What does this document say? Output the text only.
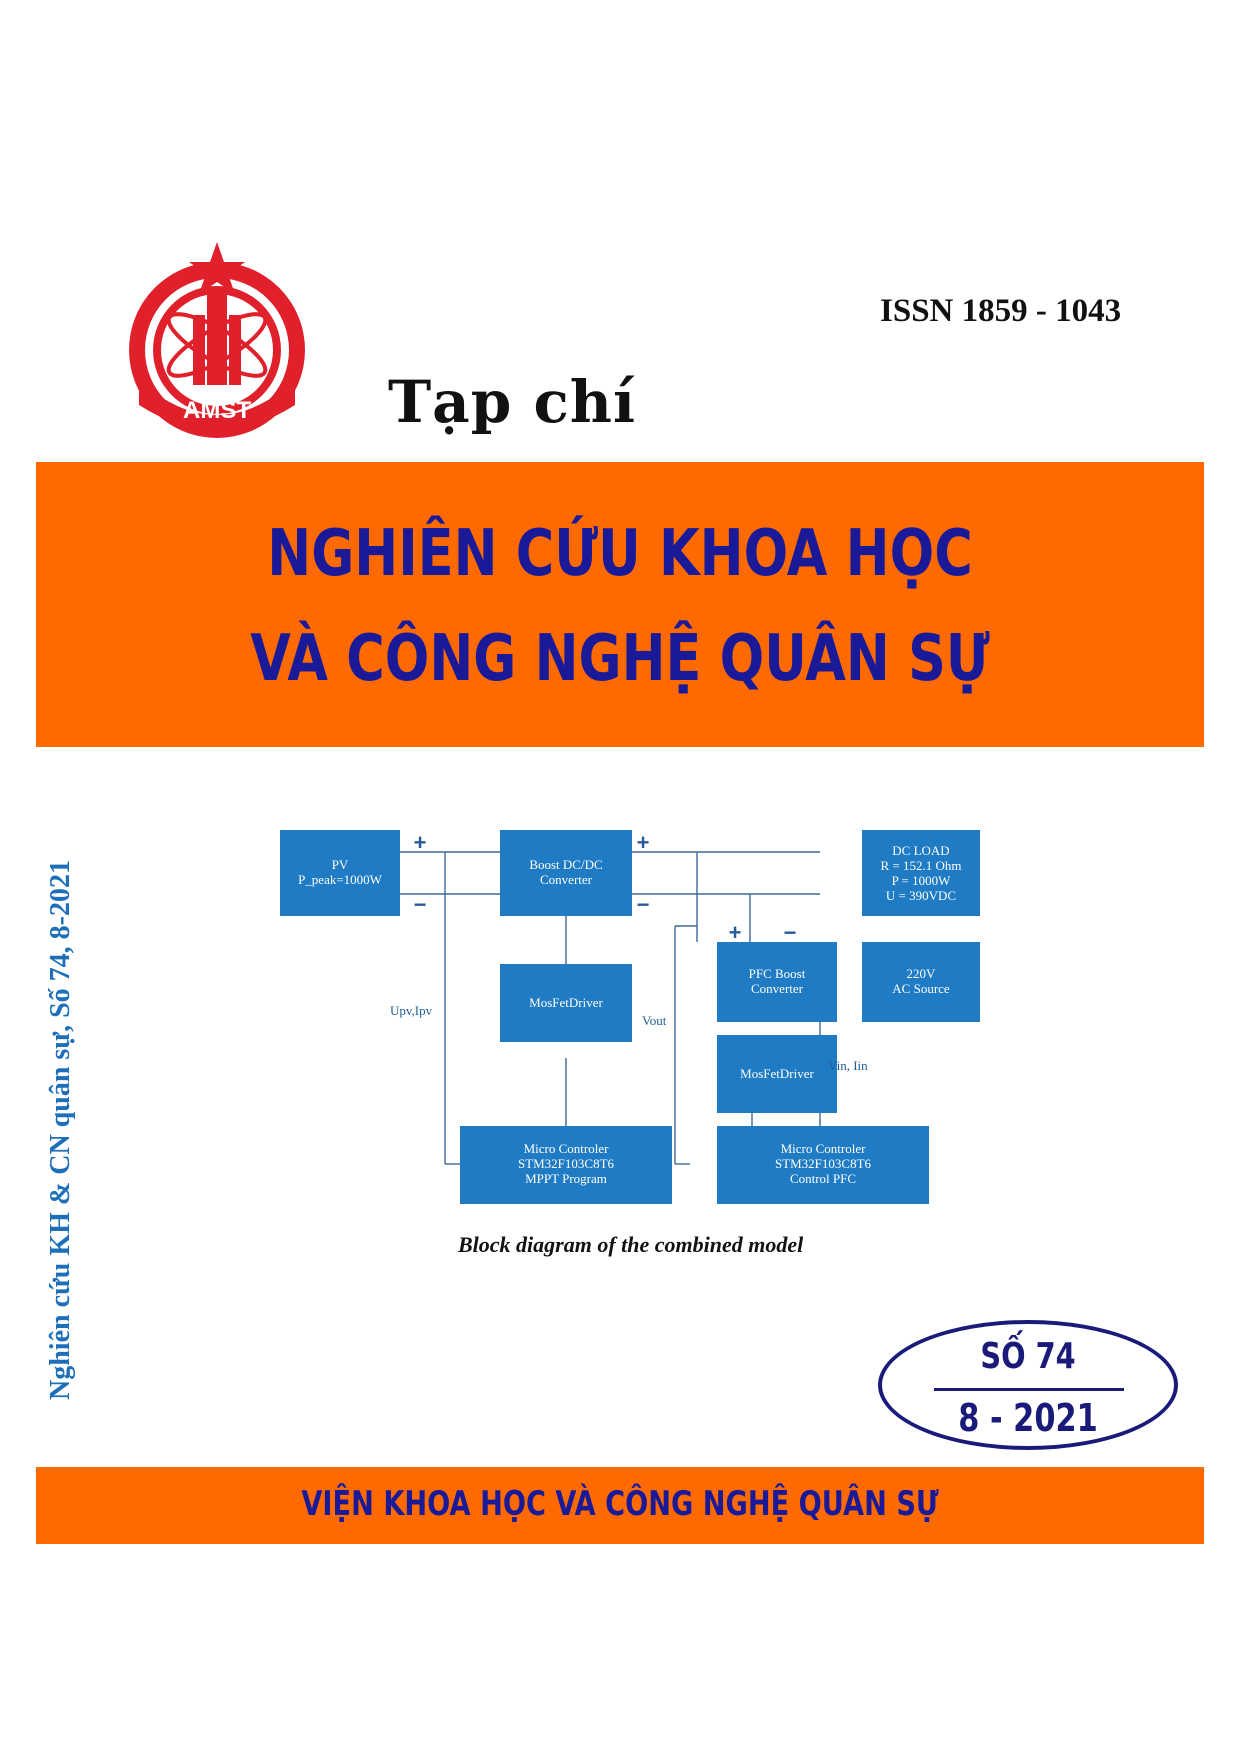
AMST
ISSN 1859 - 1043
Tạp chí
NGHIÊN CỨU KHOA HỌC
VÀ CÔNG NGHỆ QUÂN SỰ
Nghiên cứu KH & CN quân sự, Số 74, 8-2021	PV
P_peak=1000W
Boost DC/DC
Converter
DC LOAD
R = 152.1 Ohm
P = 1000W
U = 390VDC
MosFetDriver
PFC Boost
Converter
220V
AC Source
MosFetDriver
Micro Controler
STM32F103C8T6
MPPT Program
Micro Controler
STM32F103C8T6
Control PFC
Upv,Ipv
Vout
Vin, Iin
+
−
+
−
+ −
Block diagram of the combined model
SỐ 74
8 - 2021
VIỆN KHOA HỌC VÀ CÔNG NGHỆ QUÂN SỰ
